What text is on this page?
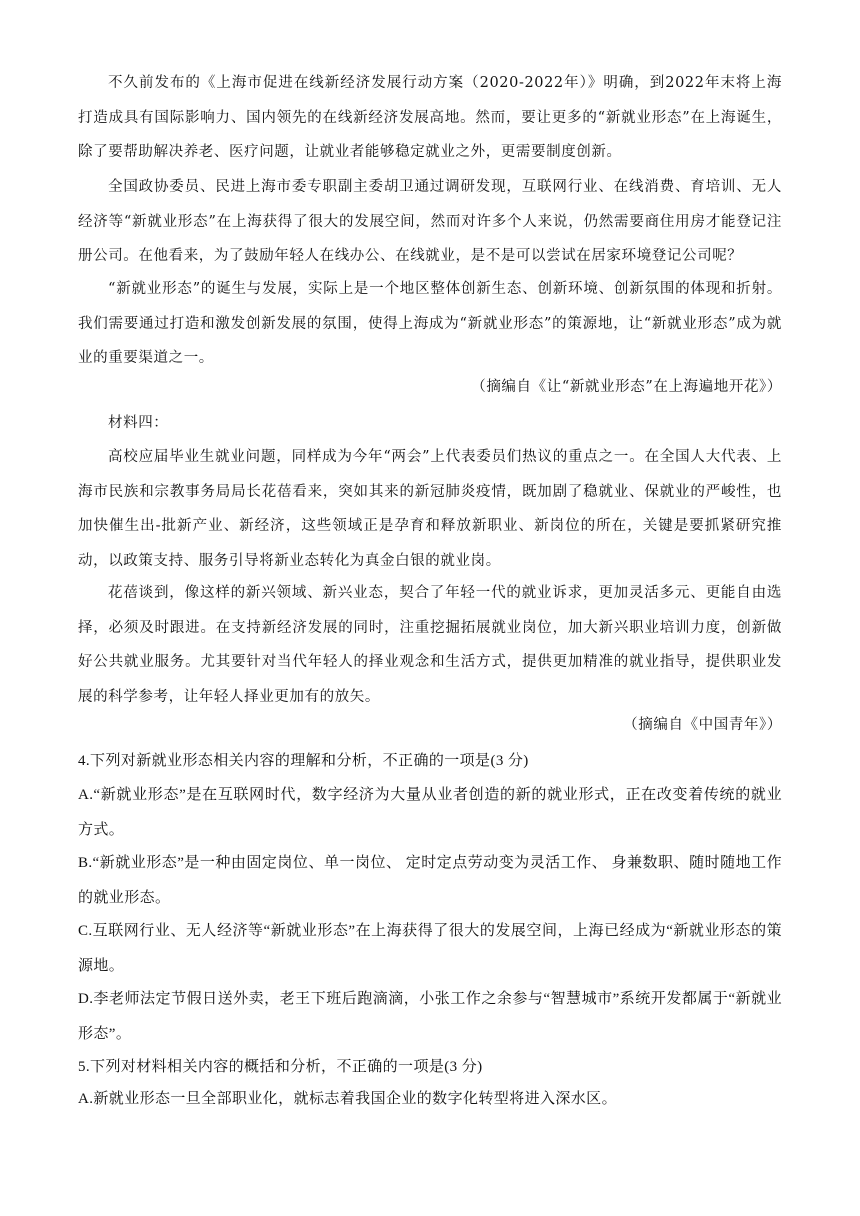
不久前发布的《上海市促进在线新经济发展行动方案（2020-2022年）》明确，到2022年末将上海打造成具有国际影响力、国内领先的在线新经济发展高地。然而，要让更多的“新就业形态”在上海诞生，除了要帮助解决养老、医疗问题，让就业者能够稳定就业之外，更需要制度创新。

全国政协委员、民进上海市委专职副主委胡卫通过调研发现，互联网行业、在线消费、育培训、无人经济等“新就业形态”在上海获得了很大的发展空间，然而对许多个人来说，仍然需要商住用房才能登记注册公司。在他看来，为了鼓励年轻人在线办公、在线就业，是不是可以尝试在居家环境登记公司呢？

“新就业形态”的诞生与发展，实际上是一个地区整体创新生态、创新环境、创新氛围的体现和折射。我们需要通过打造和激发创新发展的氛围，使得上海成为“新就业形态”的策源地，让“新就业形态”成为就业的重要渠道之一。

（摘编自《让“新就业形态”在上海遍地开花》）

材料四：

高校应届毕业生就业问题，同样成为今年“两会”上代表委员们热议的重点之一。在全国人大代表、上海市民族和宗教事务局局长花蓓看来，突如其来的新冠肺炎疫情，既加剧了稳就业、保就业的严峻性，也加快催生出-批新产业、新经济，这些领域正是孕育和释放新职业、新岗位的所在，关键是要抓紧研究推动，以政策支持、服务引导将新业态转化为真金白银的就业岗。

花蓓谈到，像这样的新兴领域、新兴业态，契合了年轻一代的就业诉求，更加灵活多元、更能自由选择，必须及时跟进。在支持新经济发展的同时，注重挖掘拓展就业岗位，加大新兴职业培训力度，创新做好公共就业服务。尤其要针对当代年轻人的择业观念和生活方式，提供更加精准的就业指导，提供职业发展的科学参考，让年轻人择业更加有的放矢。

（摘编自《中国青年》）

4.下列对新就业形态相关内容的理解和分析，不正确的一项是(3 分)

A.“新就业形态”是在互联网时代，数字经济为大量从业者创造的新的就业形式，正在改变着传统的就业方式。

B.“新就业形态”是一种由固定岗位、单一岗位、 定时定点劳动变为灵活工作、 身兼数职、随时随地工作的就业形态。

C.互联网行业、无人经济等“新就业形态”在上海获得了很大的发展空间，上海已经成为“新就业形态的策源地。

D.李老师法定节假日送外卖，老王下班后跑滴滴，小张工作之余参与“智慧城市”系统开发都属于“新就业形态”。

5.下列对材料相关内容的概括和分析，不正确的一项是(3 分)

A.新就业形态一旦全部职业化，就标志着我国企业的数字化转型将进入深水区。
